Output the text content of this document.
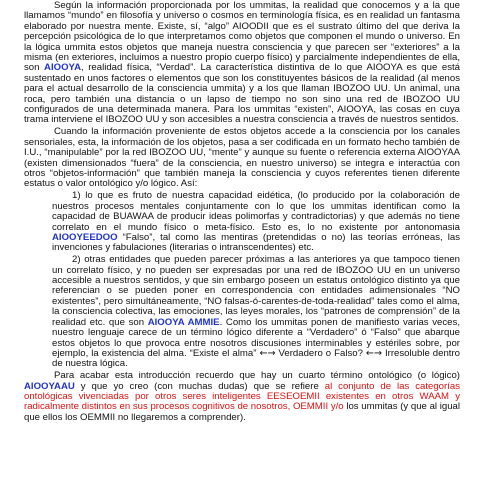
Según la información proporcionada por los ummitas, la realidad que conocemos y a la que llamamos “mundo” en filosofía y universo o cosmos en terminología física, es en realidad un fantasma elaborado por nuestra mente. Existe, sí, “algo” AIOODII que es el sustrato último del que deriva la percepción psicológica de lo que interpretamos como objetos que componen el mundo o universo. En la lógica ummita estos objetos que maneja nuestra consciencia y que parecen ser “exteriores” a la misma (en exteriores, incluimos a nuestro propio cuerpo físico) y parcialmente independientes de ella, son AIOOYA, realidad física, “Verdad”. La característica distintiva de lo que AIOOYA es que está sustentado en unos factores o elementos que son los constituyentes básicos de la realidad (al menos para el actual desarrollo de la consciencia ummita) y a los que llaman IBOZOO UU. Un animal, una roca, pero también una distancia o un lapso de tiempo no son sino una red de IBOZOO UU configurados de una determinada manera. Para los ummitas “existen”, AIOOYA, las cosas en cuya trama interviene el IBOZOO UU y son accesibles a nuestra consciencia a través de nuestros sentidos.

Cuando la información proveniente de estos objetos accede a la consciencia por los canales sensoriales, esta, la información de los objetos, pasa a ser codificada en un formato hecho también de I.U., “manipulable” por la red IBOZOO UU, “mente” y aunque su fuente o referencia externa AIOOYAA (existen dimensionados “fuera” de la consciencia, en nuestro universo) se integra e interactúa con otros “objetos-información” que también maneja la consciencia y cuyos referentes tienen diferente estatus o valor ontológico y/o lógico. Así:

1) lo que es fruto de nuestra capacidad eidética, (lo producido por la colaboración de nuestros procesos mentales conjuntamente con lo que los ummitas identifican como la capacidad de BUAWAA de producir ideas polimorfas y contradictorias) y que además no tiene correlato en el mundo físico o meta-físico. Esto es, lo no existente por antonomasia AIOOYEEDOO “Falso”, tal como las mentiras (pretendidas o no) las teorías erróneas, las invenciones y fabulaciones (literarias o intranscendentes) etc.

2) otras entidades que pueden parecer próximas a las anteriores ya que tampoco tienen un correlato físico, y no pueden ser expresadas por una red de IBOZOO UU en un universo accesible a nuestros sentidos, y que sin embargo poseen un estatus ontológico distinto ya que referencian o se pueden poner en correspondencia con entidades adimensionales “NO existentes”, pero simultáneamente, “NO falsas-ó-carentes-de-toda-realidad” tales como el alma, la consciencia colectiva, las emociones, las leyes morales, los “patrones de comprensión” de la realidad etc. que son AIOOYA AMMIE. Como los ummitas ponen de manifiesto varias veces, nuestro lenguaje carece de un término lógico diferente a “Verdadero” ó “Falso” que abarque estos objetos lo que provoca entre nosotros discusiones interminables y estériles sobre, por ejemplo, la existencia del alma. “Existe el alma” ←→ Verdadero o Falso? ←→ Irresoluble dentro de nuestra lógica.

Para acabar esta introducción recuerdo que hay un cuarto término ontológico (o lógico) AIOOYAAU y que yo creo (con muchas dudas) que se refiere al conjunto de las categorías ontológicas vivenciadas por otros seres inteligentes EESEOEMII existentes en otros WAAM y radicalmente distintos en sus procesos cognitivos de nosotros, OEMMII y/o los ummitas (y que al igual que ellos los OEMMII no llegaremos a comprender).
